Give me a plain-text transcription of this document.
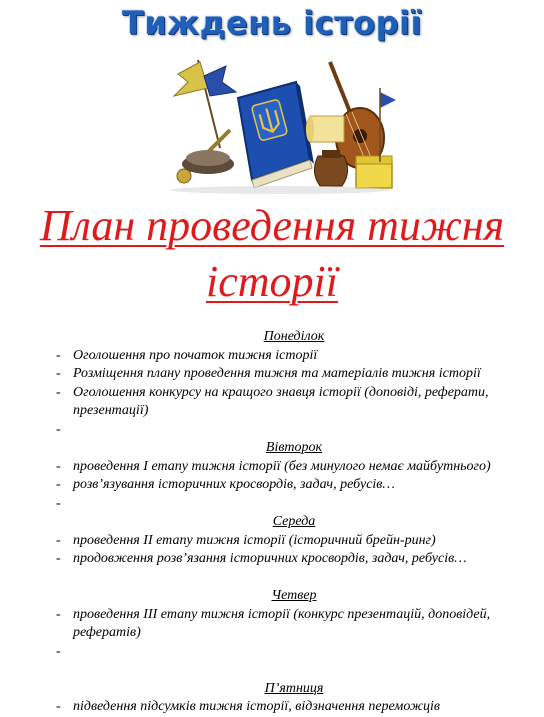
Тиждень історії
План проведення тижня історії
Понеділок
- Оголошення про початок тижня історії
- Розміщення плану проведення тижня та матеріалів тижня історії
- Оголошення конкурсу на кращого знавця історії (доповіді, реферати, презентації)
-

Вівторок
- проведення І етапу тижня історії (без минулого немає майбутнього)
- розв’язування історичних кросвордів, задач, ребусів…
-

Середа
- проведення ІІ етапу тижня історії (історичний брейн-ринг)
- продовження розв’язання історичних кросвордів, задач, ребусів…
Четвер
- проведення ІІІ етапу тижня історії (конкурс презентацій, доповідей, рефератів)
-

П’ятниця
- підведення підсумків тижня історії, відзначення переможців
